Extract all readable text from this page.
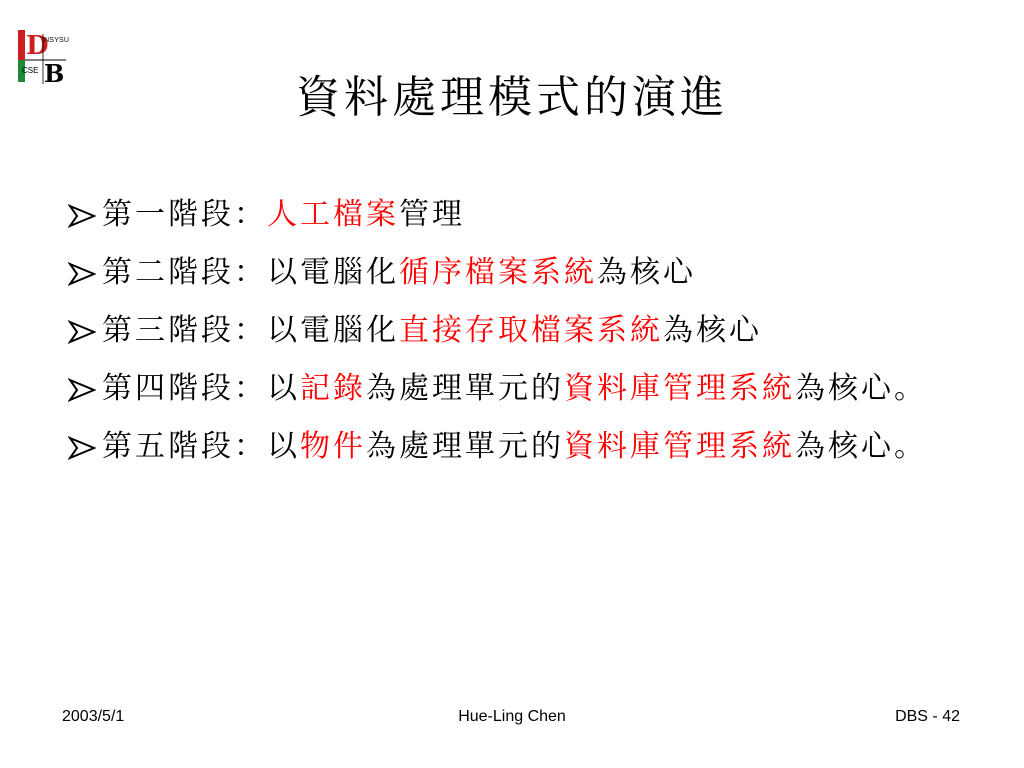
D
B
NSYSU
CSE
資料處理模式的演進
第一階段：人工檔案管理
第二階段：以電腦化循序檔案系統為核心
第三階段：以電腦化直接存取檔案系統為核心
第四階段：以記錄為處理單元的資料庫管理系統為核心。
第五階段：以物件為處理單元的資料庫管理系統為核心。
2003/5/1	Hue-Ling Chen	DBS - 42
